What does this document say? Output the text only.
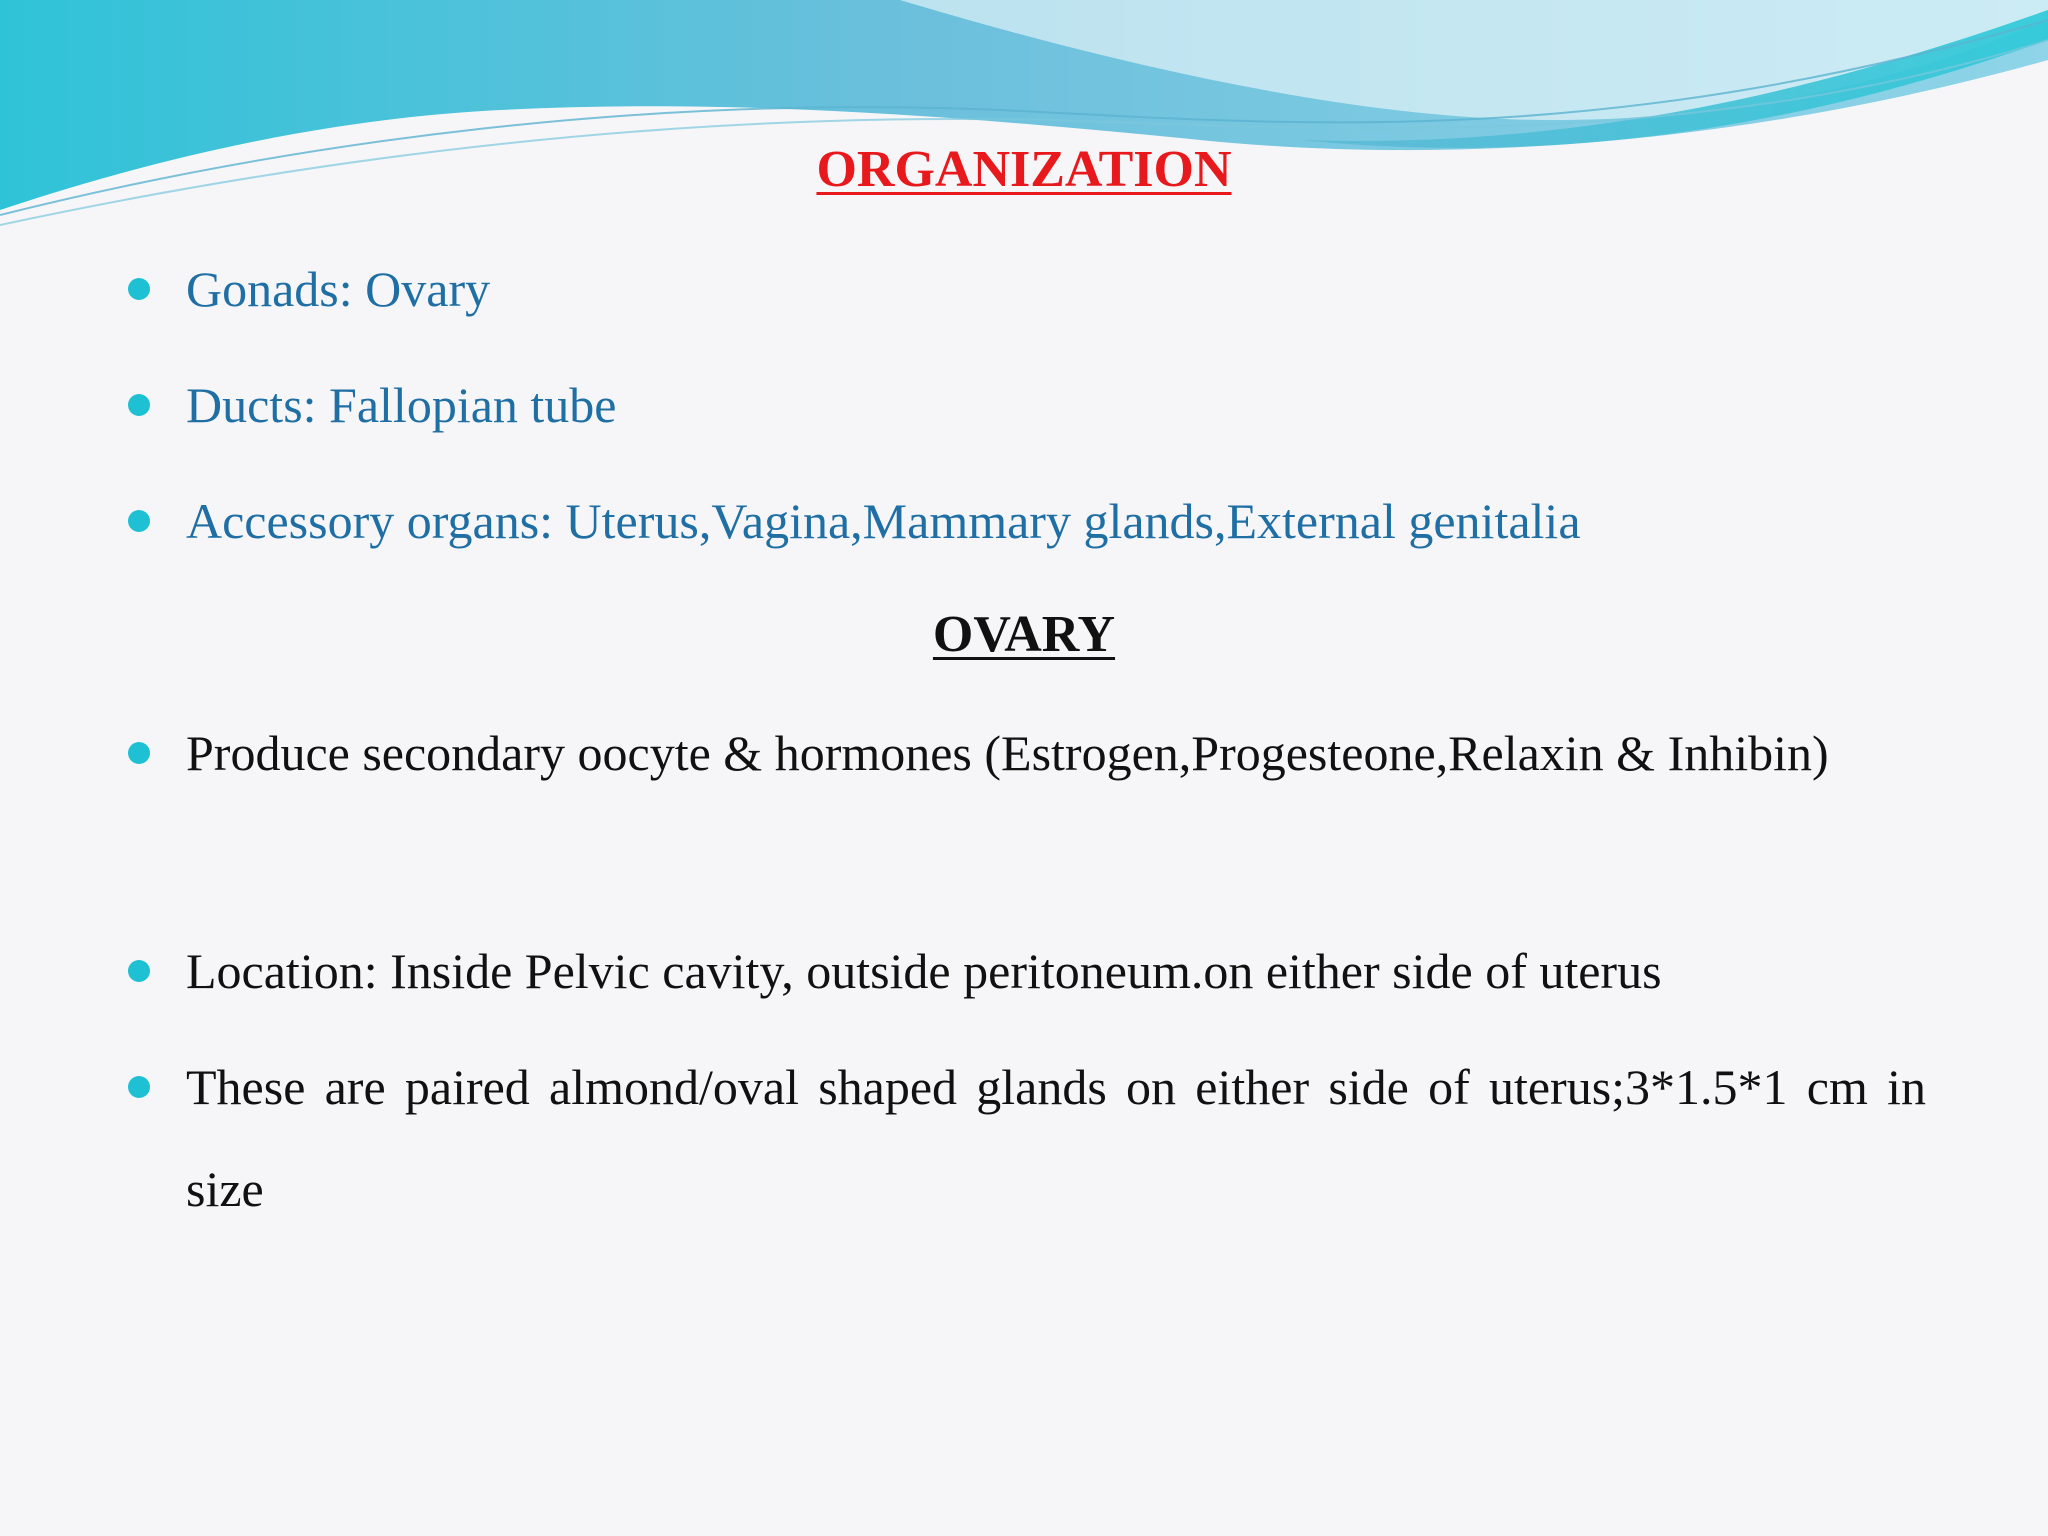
ORGANIZATION

Gonads: Ovary

Ducts: Fallopian tube

Accessory organs: Uterus,Vagina,Mammary glands,External genitalia

OVARY

Produce secondary oocyte & hormones (Estrogen,Progesteone,Relaxin & Inhibin)

Location: Inside Pelvic cavity, outside peritoneum.on either side of uterus

These are paired almond/oval shaped glands on either side of uterus;3*1.5*1 cm in size
